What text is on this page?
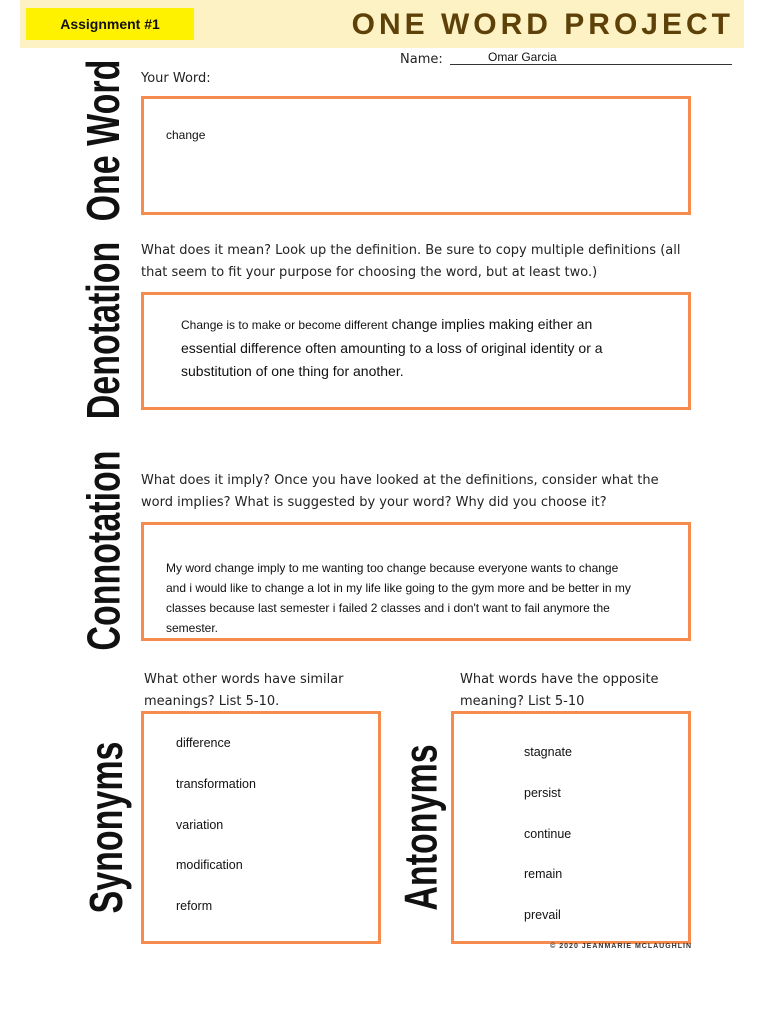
Assignment #1	ONE WORD PROJECT
Name:	Omar Garcia
One Word Your Word:
change
Denotation What does it mean? Look up the definition. Be sure to copy multiple definitions (all
that seem to fit your purpose for choosing the word, but at least two.)
Change is to make or become different change implies making either an
essential difference often amounting to a loss of original identity or a
substitution of one thing for another.
Connotation What does it imply? Once you have looked at the definitions, consider what the
word implies? What is suggested by your word? Why did you choose it?
My word change imply to me wanting too change because everyone wants to change
and i would like to change a lot in my life like going to the gym more and be better in my
classes because last semester i failed 2 classes and i don't want to fail anymore the
semester.
Synonyms
What other words have similar
meanings? List 5-10.
difference
transformation
variation
modification
reform	Antonyms
What words have the opposite
meaning? List 5-10
stagnate
persist
continue
remain
prevail
© 2020 JEANMARIE MCLAUGHLIN
